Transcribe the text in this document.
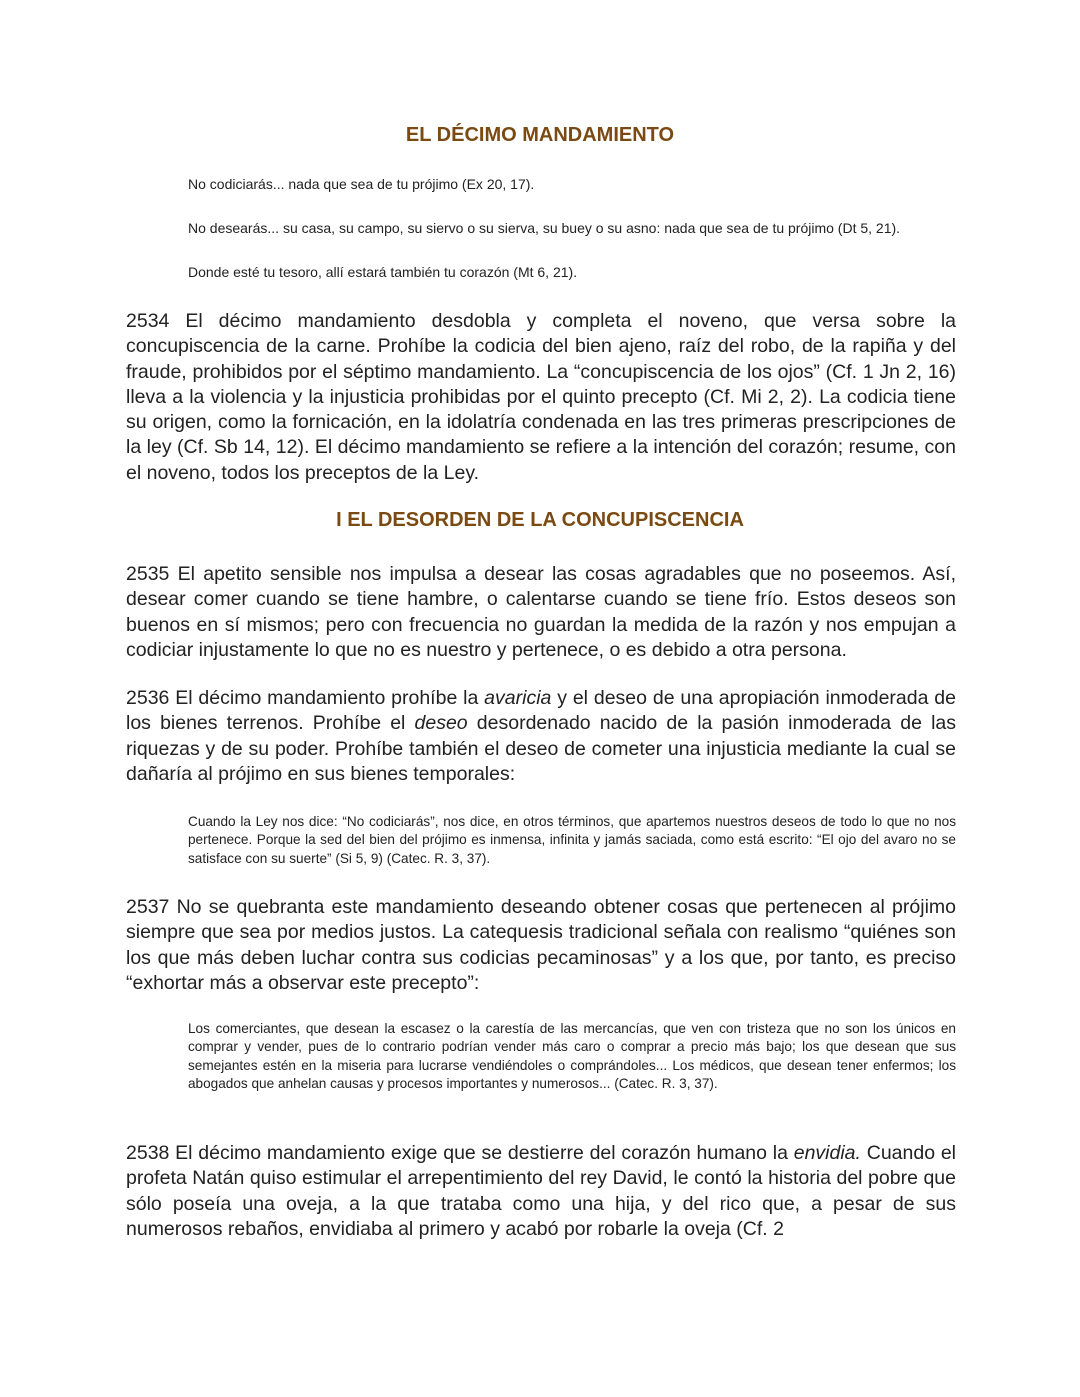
EL DÉCIMO MANDAMIENTO

No codiciarás... nada que sea de tu prójimo (Ex 20, 17).

No desearás... su casa, su campo, su siervo o su sierva, su buey o su asno: nada que sea de tu prójimo (Dt 5, 21).

Donde esté tu tesoro, allí estará también tu corazón (Mt 6, 21).

2534 El décimo mandamiento desdobla y completa el noveno, que versa sobre la concupiscencia de la carne. Prohíbe la codicia del bien ajeno, raíz del robo, de la rapiña y del fraude, prohibidos por el séptimo mandamiento. La “concupiscencia de los ojos” (Cf. 1 Jn 2, 16) lleva a la violencia y la injusticia prohibidas por el quinto precepto (Cf. Mi 2, 2). La codicia tiene su origen, como la fornicación, en la idolatría condenada en las tres primeras prescripciones de la ley (Cf. Sb 14, 12). El décimo mandamiento se refiere a la intención del corazón; resume, con el noveno, todos los preceptos de la Ley.

I EL DESORDEN DE LA CONCUPISCENCIA

2535 El apetito sensible nos impulsa a desear las cosas agradables que no poseemos. Así, desear comer cuando se tiene hambre, o calentarse cuando se tiene frío. Estos deseos son buenos en sí mismos; pero con frecuencia no guardan la medida de la razón y nos empujan a codiciar injustamente lo que no es nuestro y pertenece, o es debido a otra persona.

2536 El décimo mandamiento prohíbe la avaricia y el deseo de una apropiación inmoderada de los bienes terrenos. Prohíbe el deseo desordenado nacido de la pasión inmoderada de las riquezas y de su poder. Prohíbe también el deseo de cometer una injusticia mediante la cual se dañaría al prójimo en sus bienes temporales:

Cuando la Ley nos dice: “No codiciarás”, nos dice, en otros términos, que apartemos nuestros deseos de todo lo que no nos pertenece. Porque la sed del bien del prójimo es inmensa, infinita y jamás saciada, como está escrito: “El ojo del avaro no se satisface con su suerte” (Si 5, 9) (Catec. R. 3, 37).

2537 No se quebranta este mandamiento deseando obtener cosas que pertenecen al prójimo siempre que sea por medios justos. La catequesis tradicional señala con realismo “quiénes son los que más deben luchar contra sus codicias pecaminosas” y a los que, por tanto, es preciso “exhortar más a observar este precepto”:

Los comerciantes, que desean la escasez o la carestía de las mercancías, que ven con tristeza que no son los únicos en comprar y vender, pues de lo contrario podrían vender más caro o comprar a precio más bajo; los que desean que sus semejantes estén en la miseria para lucrarse vendiéndoles o comprándoles... Los médicos, que desean tener enfermos; los abogados que anhelan causas y procesos importantes y numerosos... (Catec. R. 3, 37).

2538 El décimo mandamiento exige que se destierre del corazón humano la envidia. Cuando el profeta Natán quiso estimular el arrepentimiento del rey David, le contó la historia del pobre que sólo poseía una oveja, a la que trataba como una hija, y del rico que, a pesar de sus numerosos rebaños, envidiaba al primero y acabó por robarle la oveja (Cf. 2
